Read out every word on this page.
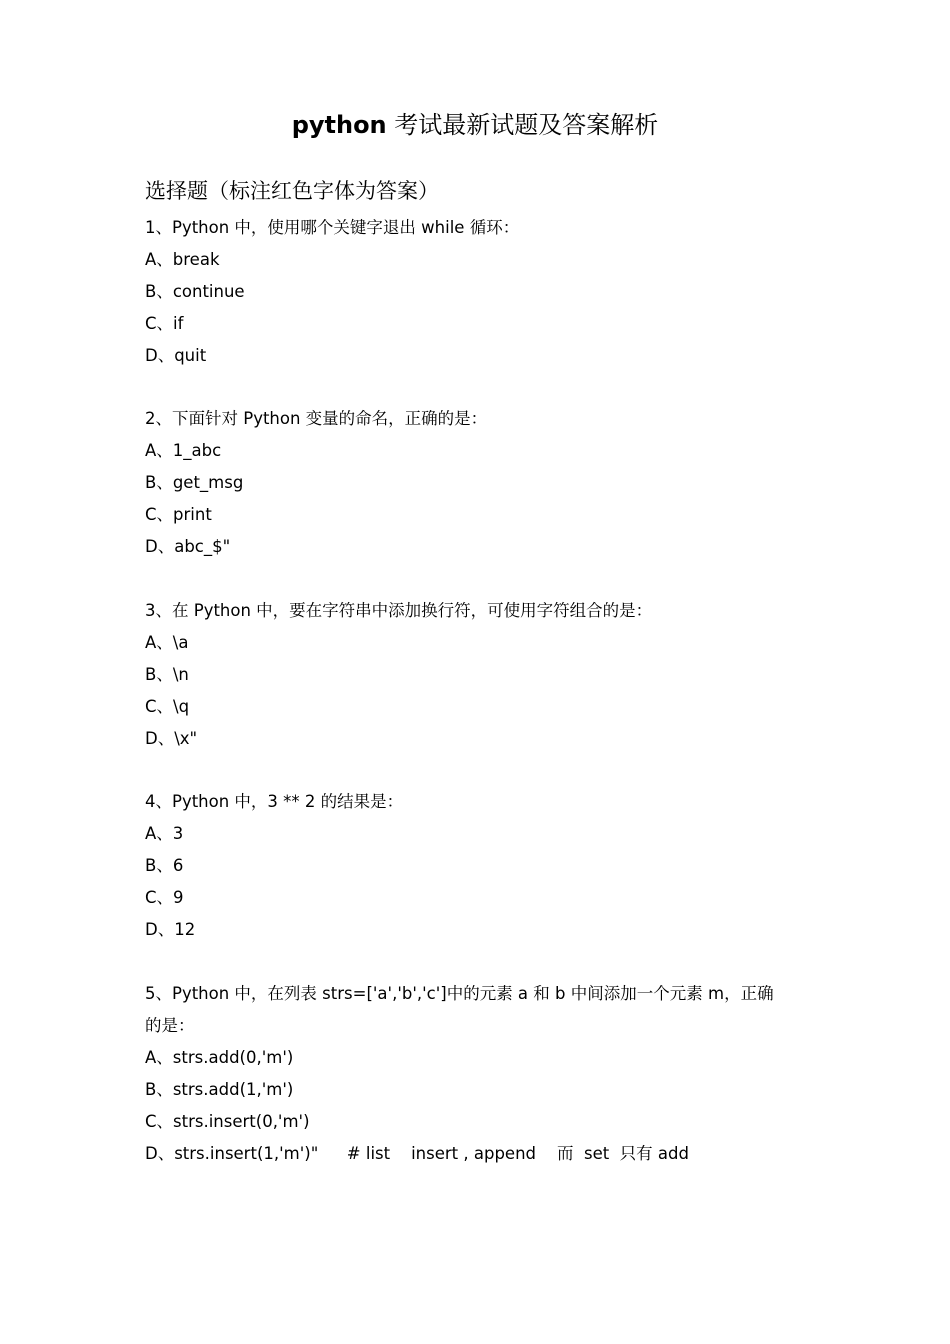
python 考试最新试题及答案解析
选择题（标注红色字体为答案）
1、Python 中，使用哪个关键字退出 while 循环：
A、break
B、continue
C、if
D、quit
2、下面针对 Python 变量的命名，正确的是：
A、1_abc
B、get_msg
C、print
D、abc_$"
3、在 Python 中，要在字符串中添加换行符，可使用字符组合的是：
A、\a
B、\n
C、\q
D、\x"
4、Python 中，3 ** 2 的结果是：
A、3
B、6
C、9
D、12
5、Python 中，在列表 strs=['a','b','c']中的元素 a 和 b 中间添加一个元素 m，正确
的是：
A、strs.add(0,'m')
B、strs.add(1,'m')
C、strs.insert(0,'m')
D、strs.insert(1,'m')" # list    insert , append    而  set  只有 add
